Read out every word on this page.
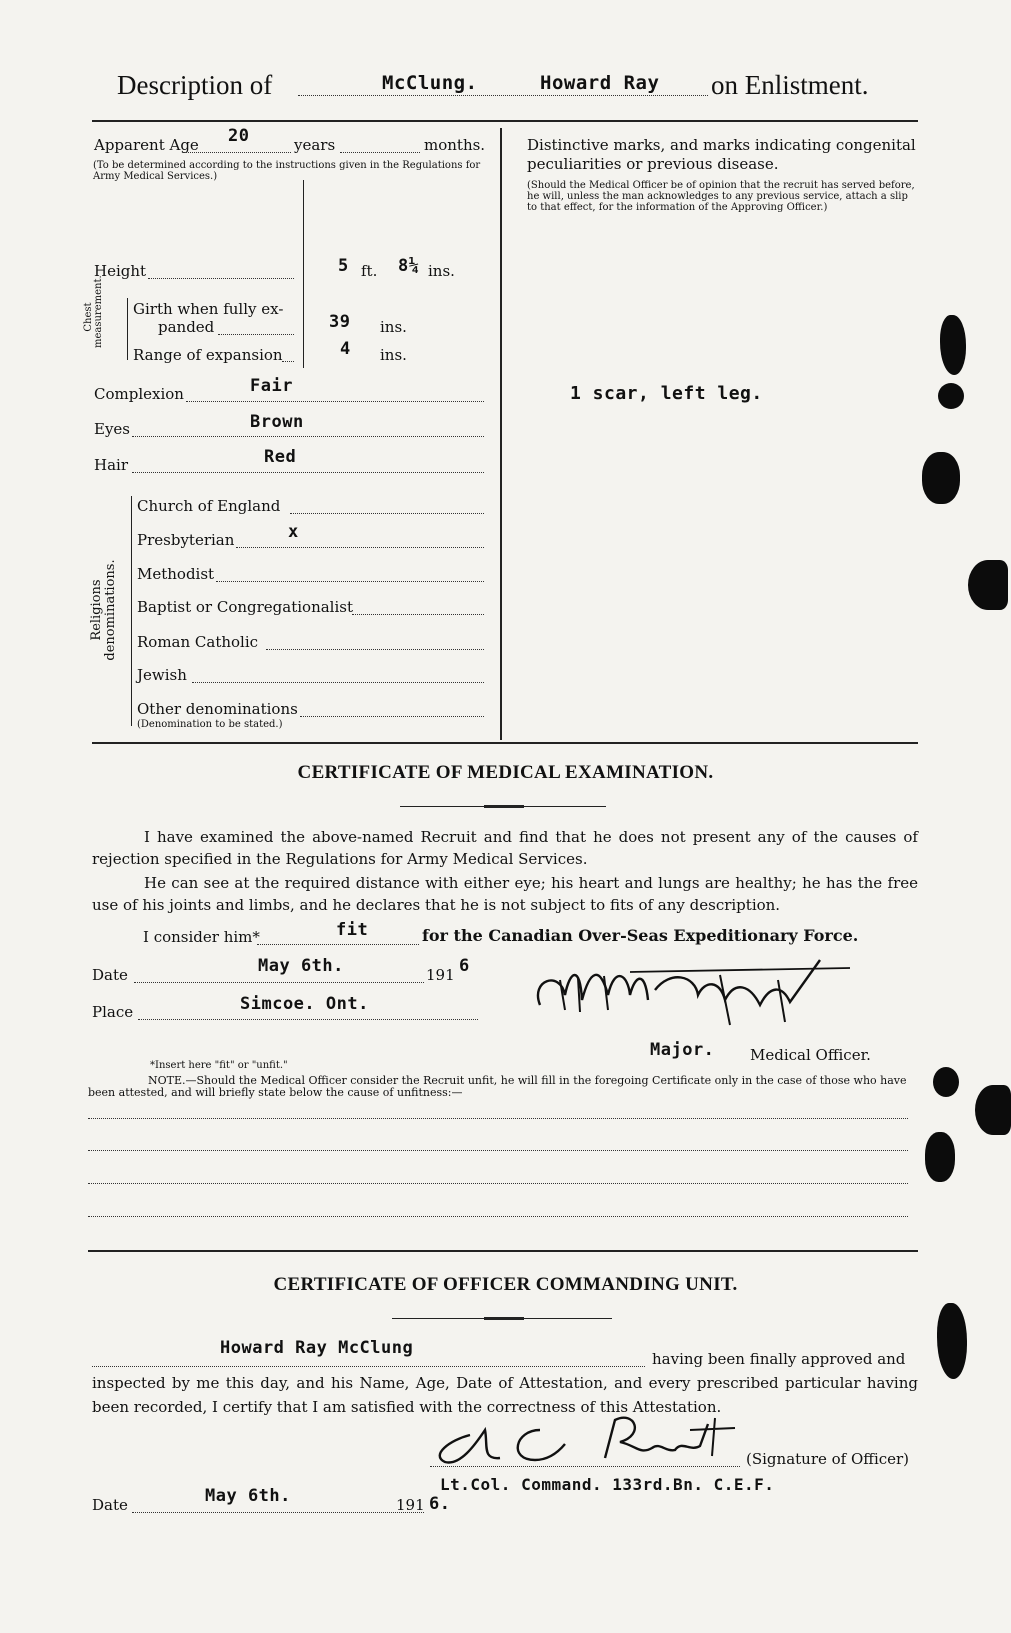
Description of	McClung.	Howard Ray on Enlistment.
Apparent Age 20	years	months.
(To be determined according to the instructions given in the Regulations for Army Medical Services.)
Height	5 ft. 8¼ ins.
Chest measurement. Girth when fully ex-
panded	39 ins.
Range of expansion	4 ins.
Complexion	Fair
Eyes	Brown
Hair	Red
Religions denominations.
Church of England
Presbyterian	x
Methodist
Baptist or Congregationalist
Roman Catholic
Jewish
Other denominations
(Denomination to be stated.)
Distinctive marks, and marks indicating congenital peculiarities or previous disease.
(Should the Medical Officer be of opinion that the recruit has served before, he will, unless the man acknowledges to any previous service, attach a slip to that effect, for the information of the Approving Officer.)
1 scar, left leg.
CERTIFICATE OF MEDICAL EXAMINATION.
I have examined the above-named Recruit and find that he does not present any of the causes of rejection specified in the Regulations for Army Medical Services.
He can see at the required distance with either eye; his heart and lungs are healthy; he has the free use of his joints and limbs, and he declares that he is not subject to fits of any description.
I consider him*	fit	for the Canadian Over-Seas Expeditionary Force.
Date	May 6th.	191 6
Place	Simcoe. Ont.
Major. Medical Officer.
*Insert here "fit" or "unfit."
NOTE.—Should the Medical Officer consider the Recruit unfit, he will fill in the foregoing Certificate only in the case of those who have been attested, and will briefly state below the cause of unfitness:—
CERTIFICATE OF OFFICER COMMANDING UNIT.
Howard Ray McClung
having been finally approved and
inspected by me this day, and his Name, Age, Date of Attestation, and every prescribed particular having
been recorded, I certify that I am satisfied with the correctness of this Attestation.
(Signature of Officer)
Date	May 6th.	191 6.
Lt.Col. Command. 133rd.Bn. C.E.F.
